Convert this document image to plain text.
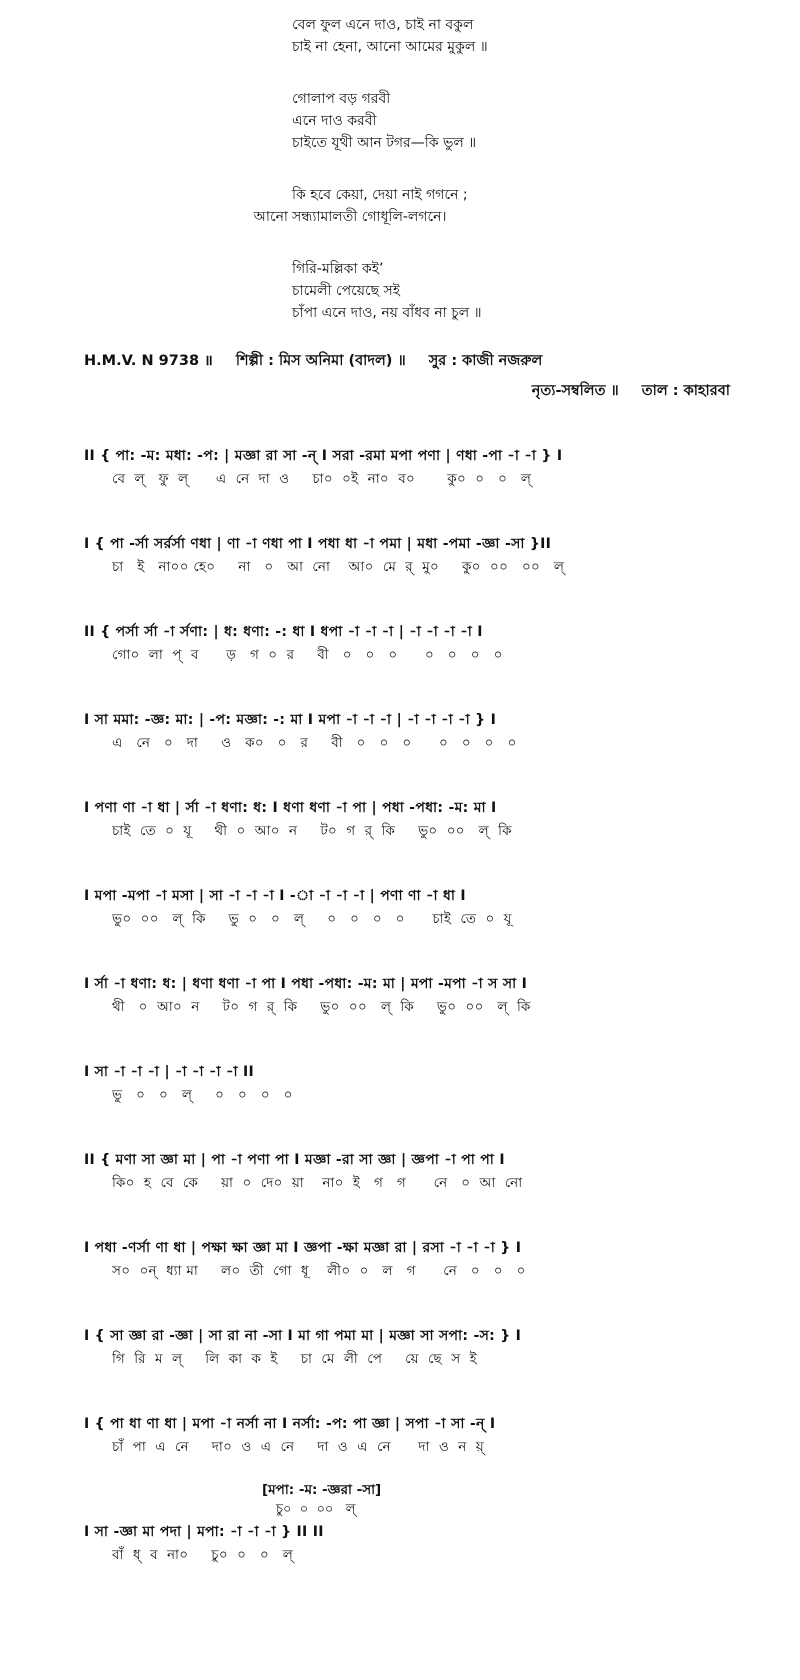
বেল ফুল এনে দাও, চাই না বকুল
চাই না হেনা, আনো আমের মুকুল ॥
গোলাপ বড় গরবী
এনে দাও করবী
চাইতে যূথী আন টগর—কি ভুল ॥
কি হবে কেয়া, দেয়া নাই গগনে ;
আনো সন্ধ্যামালতী গোধূলি-লগনে।
গিরি-মল্লিকা কই’
চামেলী পেয়েছে সই
চাঁপা এনে দাও, নয় বাঁধব না চুল ॥
H.M.V. N 9738 ॥ শিল্পী : মিস অনিমা (বাদল) ॥ সুর : কাজী নজরুল
নৃত্য-সম্বলিত ॥ তাল : কাহারবা
II { পা: -ম: মধা: -প: | মজ্ঞা রা সা -ন্‌ I সরা -রমা মপা পণা | ণধা -পা -া -া } I
বে  ল্   ফু  ল্      এ  নে  দা  ও     চা০  ০ই  না০  ব০       কু০  ০   ০   ল্
I { পা -র্সা সর্রর্সা ণধা | ণা -া ণধা পা I পধা ধা -া পমা | মধা -পমা -জ্ঞা -সা }II
চা   ই   না০০ হে০     না   ০   আ  নো    আ০  মে  র্  মু০     কু০  ০০   ০০   ল্
II { পর্সা র্সা -া র্সণা: | ধ: ধণা: -: ধা I ধপা -া -া -া | -া -া -া -া I
গো০  লা  প্  ব      ড়   গ  ০  র     বী   ০   ০   ০      ০   ০   ০   ০
I সা মমা: -জ্ঞ: মা: | -প: মজ্ঞা: -: মা I মপা -া -া -া | -া -া -া -া } I
এ   নে   ০   দা     ও   ক০   ০   র     বী   ০   ০   ০      ০   ০   ০   ০
I পণা ণা -া ধা | র্সা -া ধণা: ধ: I ধণা ধণা -া পা | পধা -পধা: -ম: মা I
চাই  তে  ০  যূ     থী  ০  আ০  ন     ট০  গ  র্  কি     ভু০  ০০   ল্  কি
I মপা -মপা -া মসা | সা -া -া -া I -া -া -া -া | পণা ণা -া ধা I
ভু০  ০০   ল্  কি     ভু  ০   ০   ল্     ০   ০   ০   ০      চাই  তে  ০  যূ
I র্সা -া ধণা: ধ: | ধণা ধণা -া পা I পধা -পধা: -ম: মা | মপা -মপা -া স সা I
থী   ০  আ০  ন     ট০  গ  র্  কি     ভু০  ০০   ল্  কি     ভু০  ০০   ল্  কি
I সা -া -া -া | -া -া -া -া II
ভু   ০   ০   ল্     ০   ০   ০   ০
II { মণা সা জ্ঞা মা | পা -া পণা পা I মজ্ঞা -রা সা জ্ঞা | জ্ঞপা -া পা পা I
কি০  হ  বে  কে     য়া  ০  দে০  য়া    না০  ই   গ   গ      নে   ০  আ  নো
I পধা -ণর্সা ণা ধা | পক্ষা ক্ষা জ্ঞা মা I জ্ঞপা -ক্ষা মজ্ঞা রা | রসা -া -া -া } I
স০  ০ন্  ধ্যা মা     ল০  তী  গো  ধূ    লী০  ০   ল   গ      নে   ০   ০   ০
I { সা জ্ঞা রা -জ্ঞা | সা রা না -সা I মা গা পমা মা | মজ্ঞা সা সপা: -স: } I
গি  রি  ম  ল্     লি  কা  ক  ই     চা  মে  লী  পে     য়ে  ছে  স  ই
I { পা ধা ণা ধা | মপা -া নর্সা না I নর্সা: -প: পা জ্ঞা | সপা -া সা -ন্‌ I
চাঁ  পা  এ  নে     দা০  ও  এ  নে     দা  ও  এ  নে      দা  ও  ন  য়্
[মপা: -ম: -জ্ঞরা -সা]
চু০  ০  ০০   ল্
I সা -জ্ঞা মা পদা | মপা: -া -া -া } II II
বাঁ  ধ্  ব  না০     চু০  ০   ০   ল্
